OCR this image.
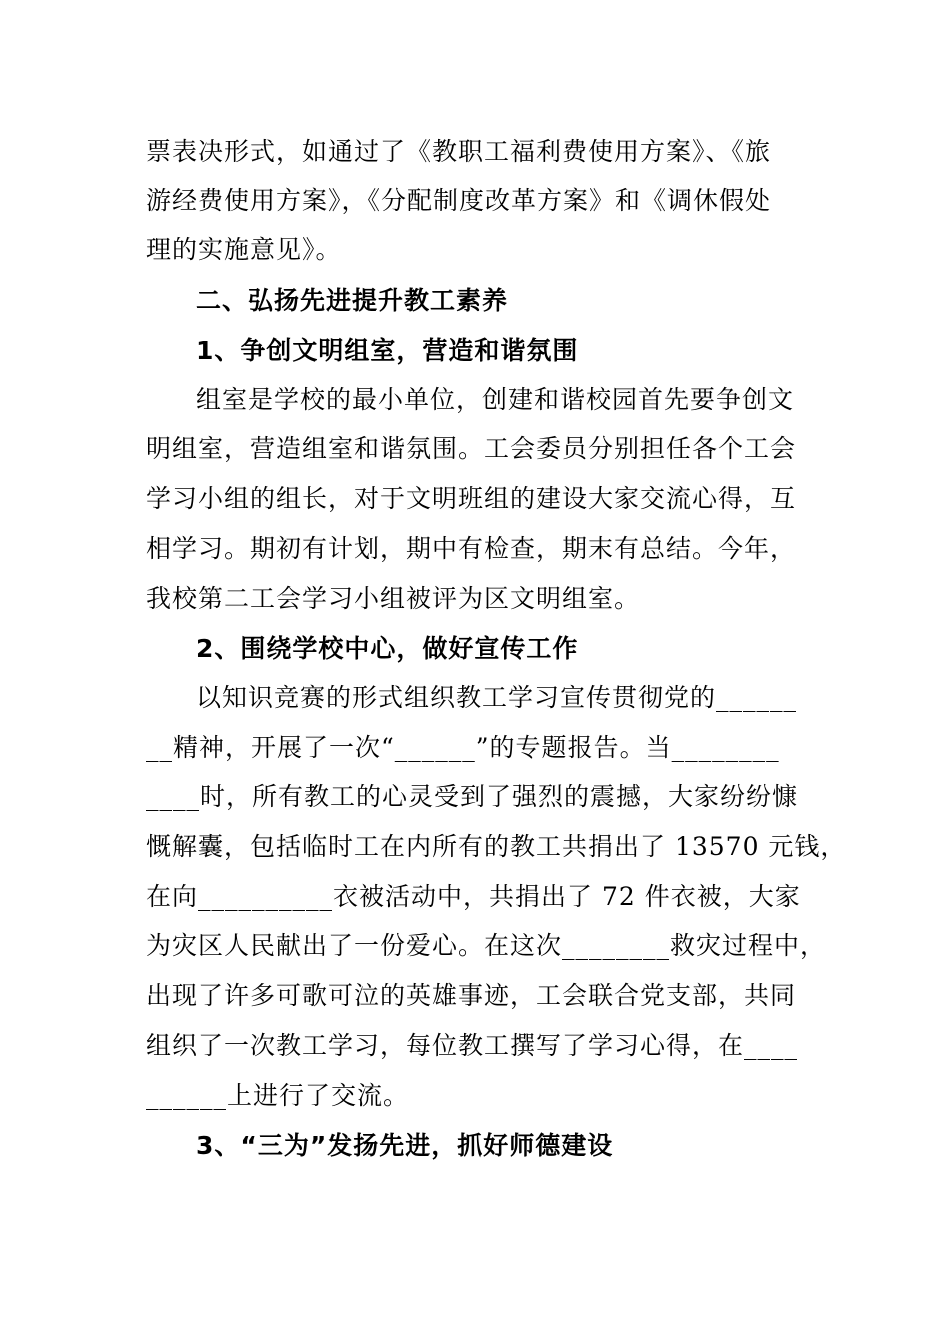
票表决形式，如通过了《教职工福利费使用方案》、《旅
游经费使用方案》，《分配制度改革方案》和《调休假处
理的实施意见》。
二、弘扬先进提升教工素养
1、争创文明组室，营造和谐氛围
组室是学校的最小单位，创建和谐校园首先要争创文
明组室，营造组室和谐氛围。工会委员分别担任各个工会
学习小组的组长，对于文明班组的建设大家交流心得，互
相学习。期初有计划，期中有检查，期末有总结。今年，
我校第二工会学习小组被评为区文明组室。
2、围绕学校中心，做好宣传工作
以知识竞赛的形式组织教工学习宣传贯彻党的______
__精神，开展了一次“______”的专题报告。当________
____时，所有教工的心灵受到了强烈的震撼，大家纷纷慷
慨解囊，包括临时工在内所有的教工共捐出了 13570 元钱，
在向__________衣被活动中，共捐出了 72 件衣被，大家
为灾区人民献出了一份爱心。在这次________救灾过程中，
出现了许多可歌可泣的英雄事迹，工会联合党支部，共同
组织了一次教工学习，每位教工撰写了学习心得，在____
______上进行了交流。
3、“三为”发扬先进，抓好师德建设
